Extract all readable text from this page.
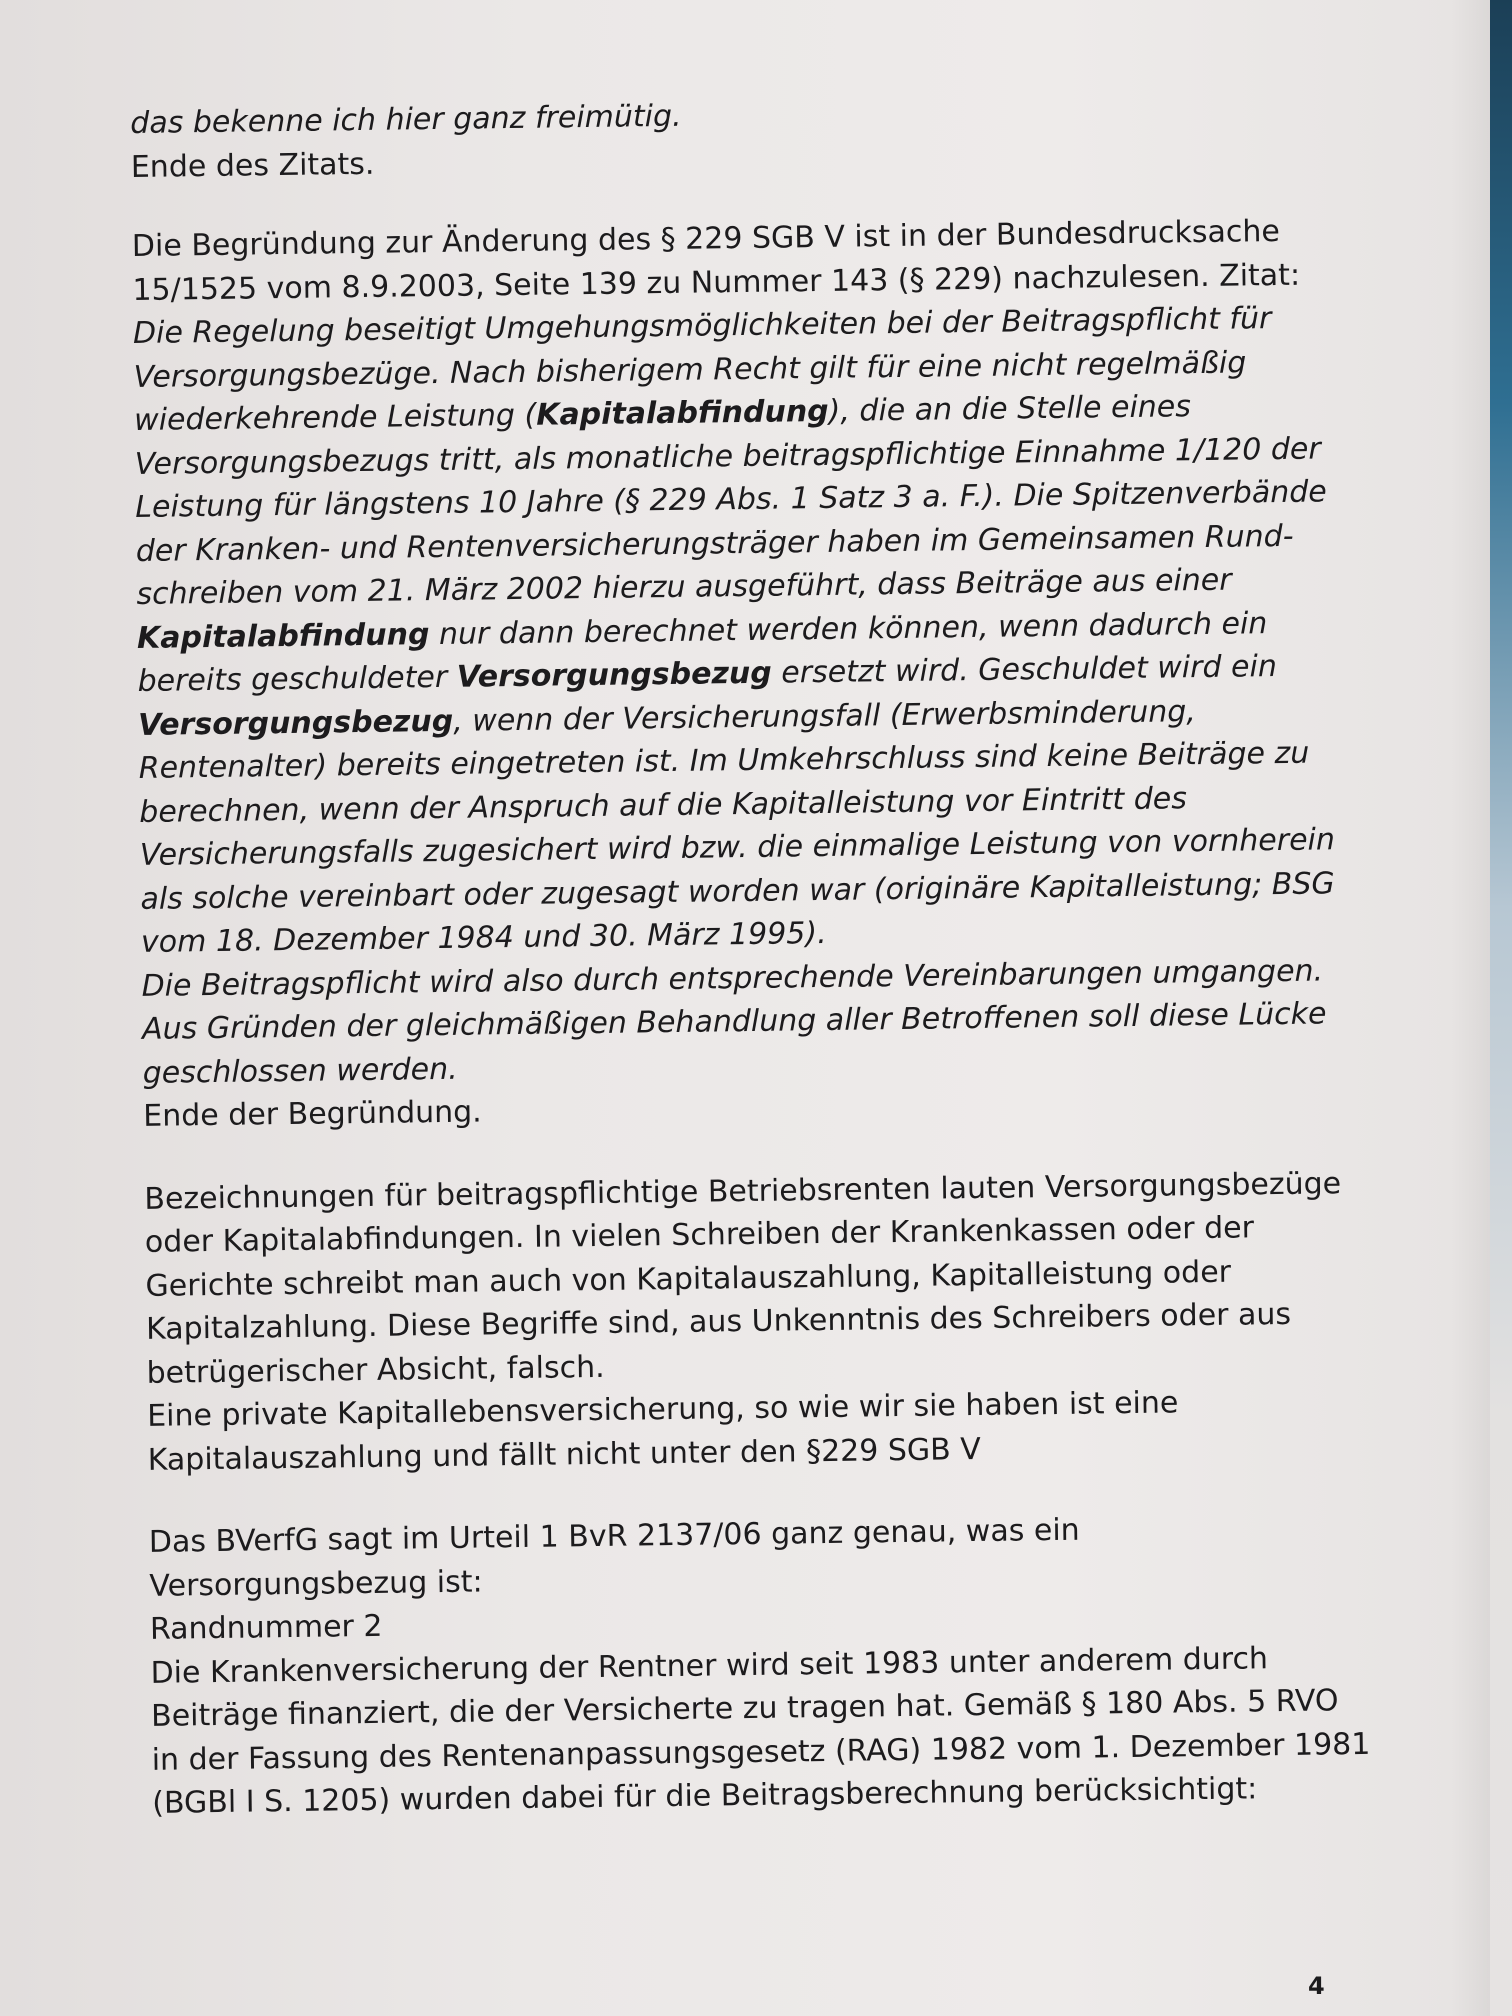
das bekenne ich hier ganz freimütig.

Ende des Zitats.

Die Begründung zur Änderung des § 229 SGB V ist in der Bundesdrucksache

15/1525 vom 8.9.2003, Seite 139 zu Nummer 143 (§ 229) nachzulesen. Zitat:

Die Regelung beseitigt Umgehungsmöglichkeiten bei der Beitragspflicht für

Versorgungsbezüge. Nach bisherigem Recht gilt für eine nicht regelmäßig

wiederkehrende Leistung (Kapitalabfindung), die an die Stelle eines

Versorgungsbezugs tritt, als monatliche beitragspflichtige Einnahme 1/120 der

Leistung für längstens 10 Jahre (§ 229 Abs. 1 Satz 3 a. F.). Die Spitzenverbände

der Kranken- und Rentenversicherungsträger haben im Gemeinsamen Rund-

schreiben vom 21. März 2002 hierzu ausgeführt, dass Beiträge aus einer

Kapitalabfindung nur dann berechnet werden können, wenn dadurch ein

bereits geschuldeter Versorgungsbezug ersetzt wird. Geschuldet wird ein

Versorgungsbezug, wenn der Versicherungsfall (Erwerbsminderung,

Rentenalter) bereits eingetreten ist. Im Umkehrschluss sind keine Beiträge zu

berechnen, wenn der Anspruch auf die Kapitalleistung vor Eintritt des

Versicherungsfalls zugesichert wird bzw. die einmalige Leistung von vornherein

als solche vereinbart oder zugesagt worden war (originäre Kapitalleistung; BSG

vom 18. Dezember 1984 und 30. März 1995).

Die Beitragspflicht wird also durch entsprechende Vereinbarungen umgangen.

Aus Gründen der gleichmäßigen Behandlung aller Betroffenen soll diese Lücke

geschlossen werden.

Ende der Begründung.

Bezeichnungen für beitragspflichtige Betriebsrenten lauten Versorgungsbezüge

oder Kapitalabfindungen. In vielen Schreiben der Krankenkassen oder der

Gerichte schreibt man auch von Kapitalauszahlung, Kapitalleistung oder

Kapitalzahlung. Diese Begriffe sind, aus Unkenntnis des Schreibers oder aus

betrügerischer Absicht, falsch.

Eine private Kapitallebensversicherung, so wie wir sie haben ist eine

Kapitalauszahlung und fällt nicht unter den §229 SGB V

Das BVerfG sagt im Urteil 1 BvR 2137/06 ganz genau, was ein

Versorgungsbezug ist:

Randnummer 2

Die Krankenversicherung der Rentner wird seit 1983 unter anderem durch

Beiträge finanziert, die der Versicherte zu tragen hat. Gemäß § 180 Abs. 5 RVO

in der Fassung des Rentenanpassungsgesetz (RAG) 1982 vom 1. Dezember 1981

(BGBl I S. 1205) wurden dabei für die Beitragsberechnung berücksichtigt:

4
